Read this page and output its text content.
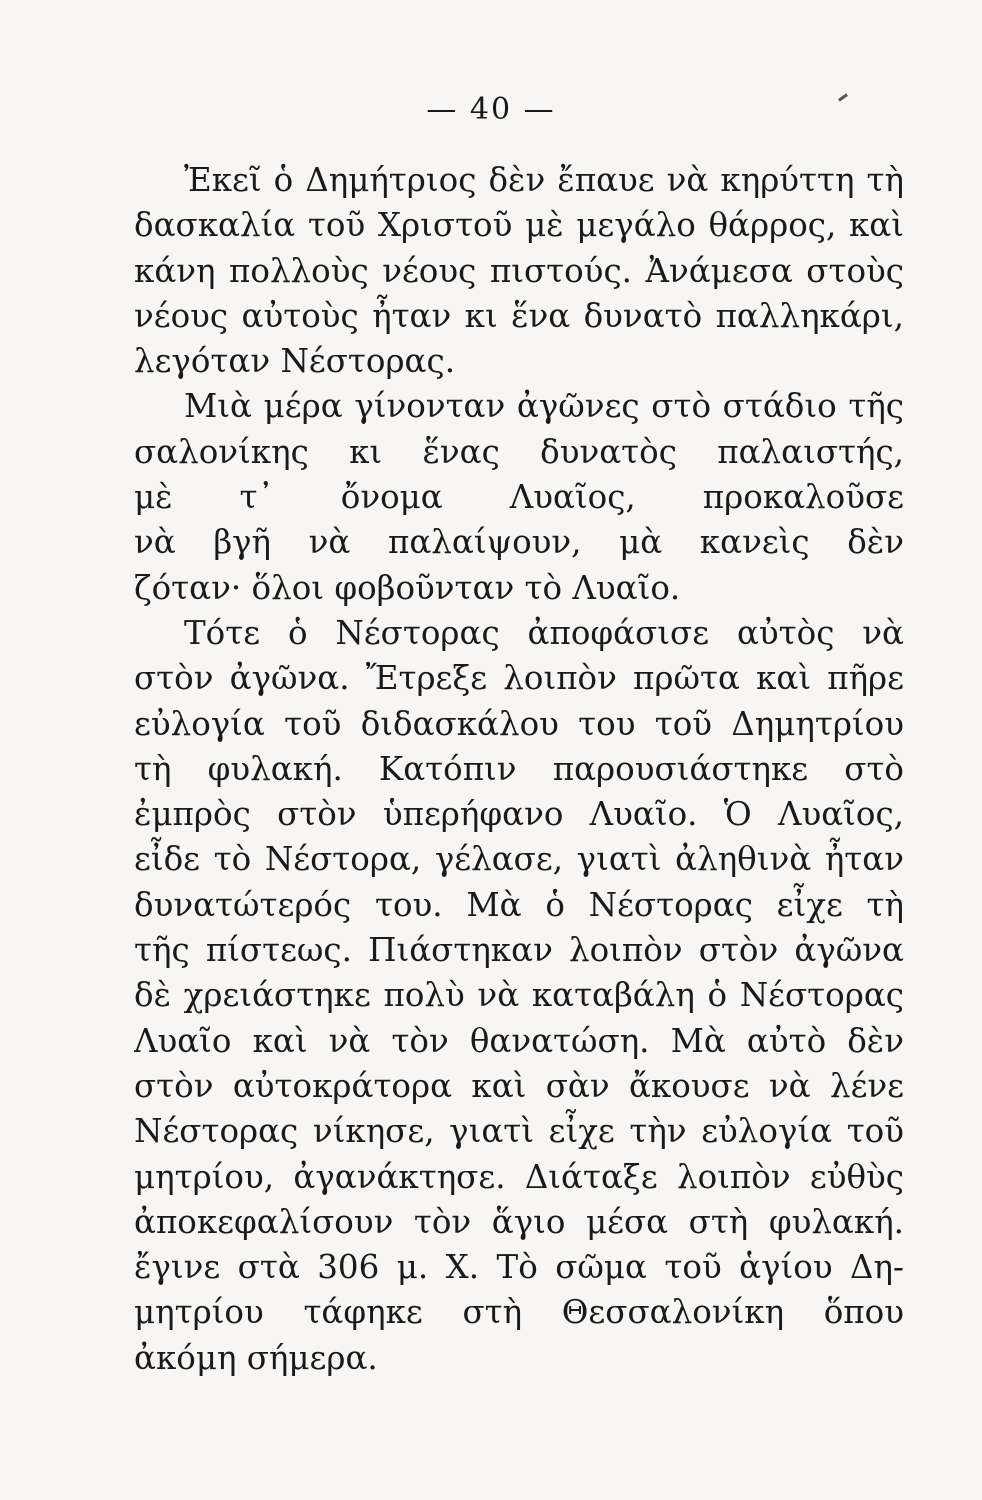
— 40 —
Ἐκεῖ ὁ Δημήτριος δὲν ἔπαυε νὰ κηρύττη τὴ
δασκαλία τοῦ Χριστοῦ μὲ μεγάλο θάρρος, καὶ
κάνη πολλοὺς νέους πιστούς. Ἀνάμεσα στοὺς
νέους αὐτοὺς ἦταν κι ἕνα δυνατὸ παλληκάρι,
λεγόταν Νέστορας.
Μιὰ μέρα γίνονταν ἀγῶνες στὸ στάδιο τῆς
σαλονίκης κι ἕνας δυνατὸς παλαιστής,
μὲ τ᾽ ὄνομα Λυαῖος, προκαλοῦσε
νὰ βγῆ νὰ παλαίψουν, μὰ κανεὶς δὲν
ζόταν· ὅλοι φοβοῦνταν τὸ Λυαῖο.
Τότε ὁ Νέστορας ἀποφάσισε αὐτὸς νὰ
στὸν ἀγῶνα. Ἔτρεξε λοιπὸν πρῶτα καὶ πῆρε
εὐλογία τοῦ διδασκάλου του τοῦ Δημητρίου
τὴ φυλακή. Κατόπιν παρουσιάστηκε στὸ
ἐμπρὸς στὸν ὑπερήφανο Λυαῖο. Ὁ Λυαῖος,
εἶδε τὸ Νέστορα, γέλασε, γιατὶ ἀληθινὰ ἦταν
δυνατώτερός του. Μὰ ὁ Νέστορας εἶχε τὴ
τῆς πίστεως. Πιάστηκαν λοιπὸν στὸν ἀγῶνα
δὲ χρειάστηκε πολὺ νὰ καταβάλη ὁ Νέστορας
Λυαῖο καὶ νὰ τὸν θανατώση. Μὰ αὐτὸ δὲν
στὸν αὐτοκράτορα καὶ σὰν ἄκουσε νὰ λένε
Νέστορας νίκησε, γιατὶ εἶχε τὴν εὐλογία τοῦ
μητρίου, ἀγανάκτησε. Διάταξε λοιπὸν εὐθὺς
ἀποκεφαλίσουν τὸν ἅγιο μέσα στὴ φυλακή.
ἔγινε στὰ 306 μ. Χ. Τὸ σῶμα τοῦ ἁγίου Δη-
μητρίου τάφηκε στὴ Θεσσαλονίκη ὅπου
ἀκόμη σήμερα.
